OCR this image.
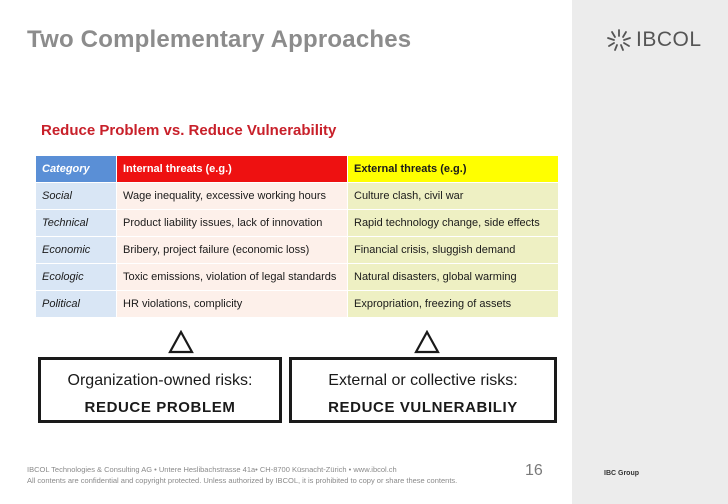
Two Complementary Approaches	IBCOL
Reduce Problem vs. Reduce Vulnerability
Category	Internal threats (e.g.)	External threats (e.g.)
Social	Wage inequality, excessive working hours	Culture clash, civil war
Technical	Product liability issues, lack of innovation	Rapid technology change, side effects
Economic	Bribery, project failure (economic loss)	Financial crisis, sluggish demand
Ecologic	Toxic emissions, violation of legal standards	Natural disasters, global warming
Political	HR violations, complicity	Expropriation, freezing of assets
Organization-owned risks:
REDUCE PROBLEM
External or collective risks:
REDUCE VULNERABILIY
IBCOL Technologies & Consulting AG • Untere Heslibachstrasse 41a• CH-8700 Küsnacht-Zürich • www.ibcol.ch
All contents are confidential and copyright protected. Unless authorized by IBCOL, it is prohibited to copy or share these contents.
16	IBC Group
